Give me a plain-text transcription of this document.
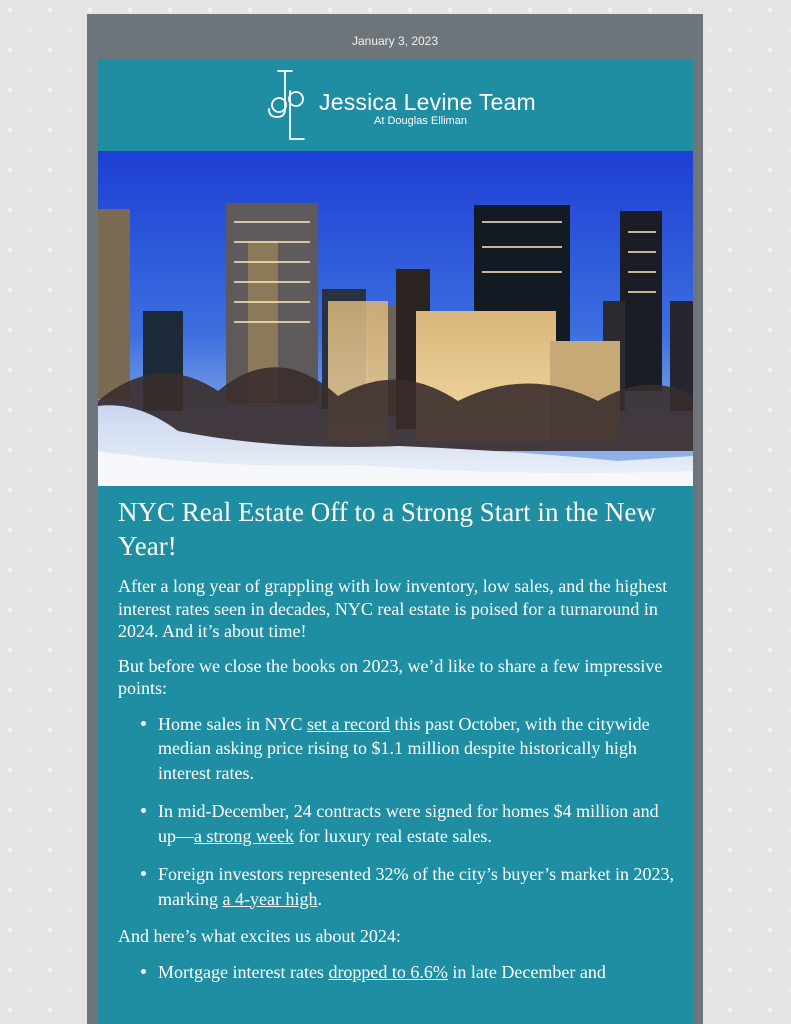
January 3, 2023
Jessica Levine Team
At Douglas Elliman
NYC Real Estate Off to a Strong Start in the New Year!

After a long year of grappling with low inventory, low sales, and the highest interest rates seen in decades, NYC real estate is poised for a turnaround in 2024. And it’s about time!

But before we close the books on 2023, we’d like to share a few impressive points:

Home sales in NYC set a record this past October, with the citywide median asking price rising to $1.1 million despite historically high interest rates.
In mid-December, 24 contracts were signed for homes $4 million and up—a strong week for luxury real estate sales.
Foreign investors represented 32% of the city’s buyer’s market in 2023, marking a 4-year high.

And here’s what excites us about 2024:

Mortgage interest rates dropped to 6.6% in late December and
